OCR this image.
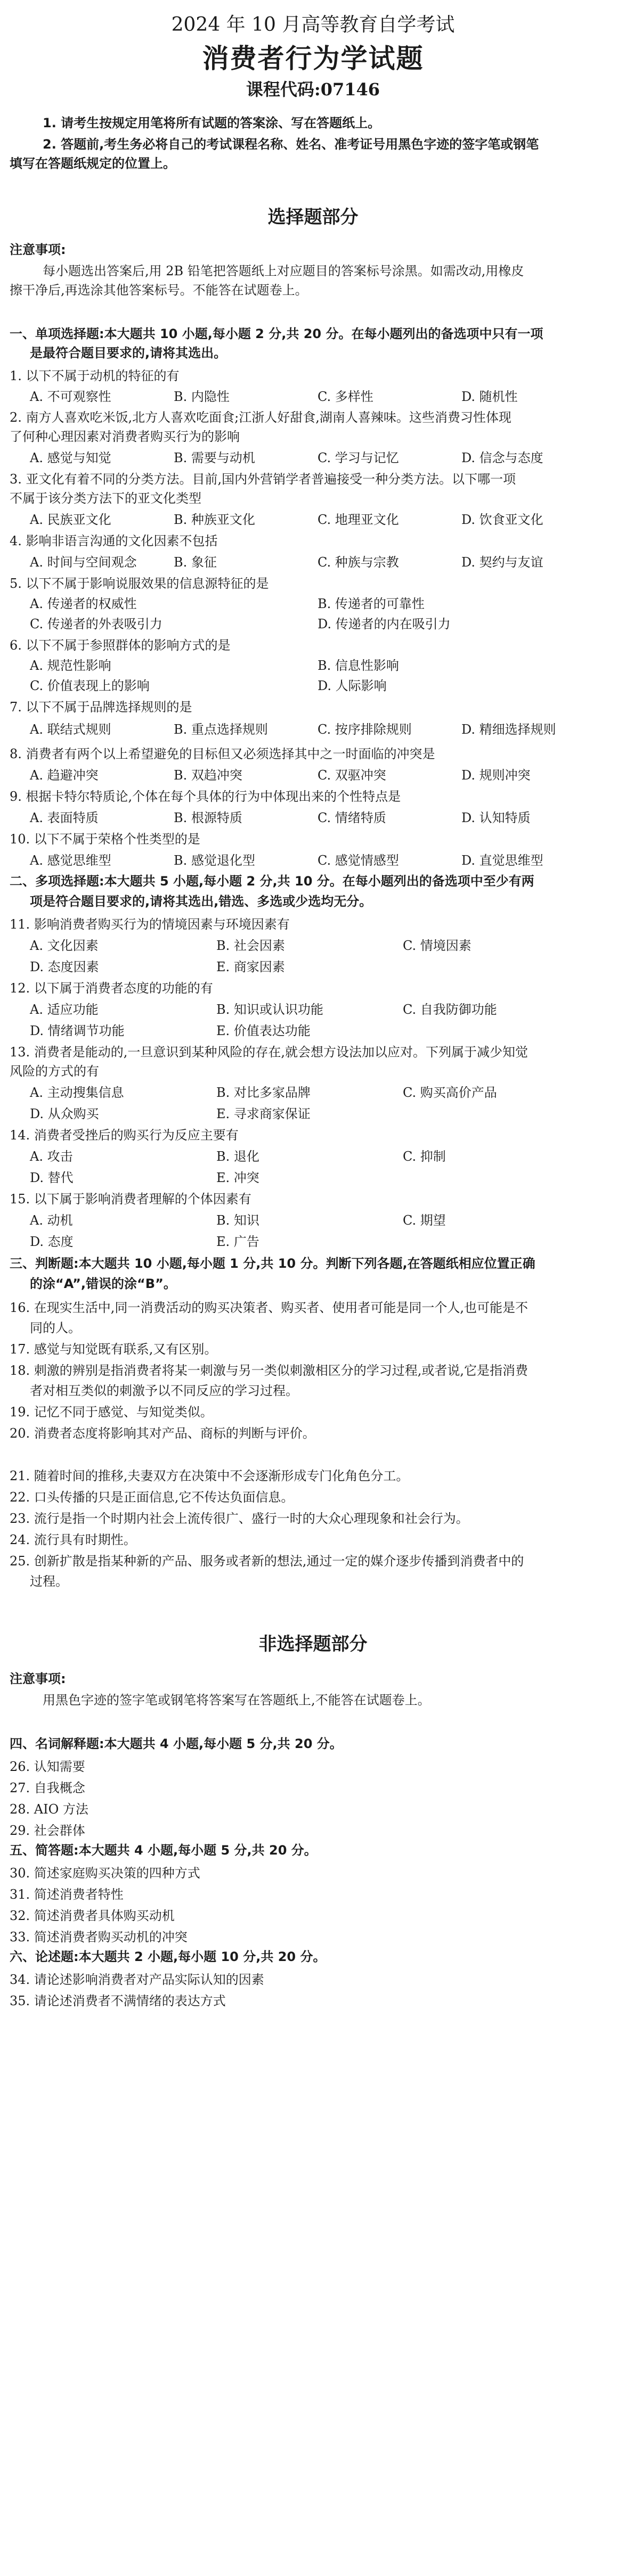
2024 年 10 月高等教育自学考试
消费者行为学试题
课程代码:07146
1. 请考生按规定用笔将所有试题的答案涂、写在答题纸上。
2. 答题前,考生务必将自己的考试课程名称、姓名、准考证号用黑色字迹的签字笔或钢笔
填写在答题纸规定的位置上。
选择题部分
注意事项:
每小题选出答案后,用 2B 铅笔把答题纸上对应题目的答案标号涂黑。如需改动,用橡皮
擦干净后,再选涂其他答案标号。不能答在试题卷上。
一、单项选择题:本大题共 10 小题,每小题 2 分,共 20 分。在每小题列出的备选项中只有一项
是最符合题目要求的,请将其选出。
1. 以下不属于动机的特征的有
A. 不可观察性	B. 内隐性	C. 多样性	D. 随机性
2. 南方人喜欢吃米饭,北方人喜欢吃面食;江浙人好甜食,湖南人喜辣味。这些消费习性体现
了何种心理因素对消费者购买行为的影响
A. 感觉与知觉	B. 需要与动机	C. 学习与记忆	D. 信念与态度
3. 亚文化有着不同的分类方法。目前,国内外营销学者普遍接受一种分类方法。以下哪一项
不属于该分类方法下的亚文化类型
A. 民族亚文化	B. 种族亚文化	C. 地理亚文化	D. 饮食亚文化
4. 影响非语言沟通的文化因素不包括
A. 时间与空间观念	B. 象征	C. 种族与宗教	D. 契约与友谊
5. 以下不属于影响说服效果的信息源特征的是
A. 传递者的权威性	B. 传递者的可靠性
C. 传递者的外表吸引力	D. 传递者的内在吸引力
6. 以下不属于参照群体的影响方式的是
A. 规范性影响	B. 信息性影响
C. 价值表现上的影响	D. 人际影响
7. 以下不属于品牌选择规则的是
A. 联结式规则	B. 重点选择规则	C. 按序排除规则	D. 精细选择规则
8. 消费者有两个以上希望避免的目标但又必须选择其中之一时面临的冲突是
A. 趋避冲突	B. 双趋冲突	C. 双驱冲突	D. 规则冲突
9. 根据卡特尔特质论,个体在每个具体的行为中体现出来的个性特点是
A. 表面特质	B. 根源特质	C. 情绪特质	D. 认知特质
10. 以下不属于荣格个性类型的是
A. 感觉思维型	B. 感觉退化型	C. 感觉情感型	D. 直觉思维型
二、多项选择题:本大题共 5 小题,每小题 2 分,共 10 分。在每小题列出的备选项中至少有两
项是符合题目要求的,请将其选出,错选、多选或少选均无分。
11. 影响消费者购买行为的情境因素与环境因素有
A. 文化因素	B. 社会因素	C. 情境因素
D. 态度因素	E. 商家因素
12. 以下属于消费者态度的功能的有
A. 适应功能	B. 知识或认识功能	C. 自我防御功能
D. 情绪调节功能	E. 价值表达功能
13. 消费者是能动的,一旦意识到某种风险的存在,就会想方设法加以应对。下列属于减少知觉
风险的方式的有
A. 主动搜集信息	B. 对比多家品牌	C. 购买高价产品
D. 从众购买	E. 寻求商家保证
14. 消费者受挫后的购买行为反应主要有
A. 攻击	B. 退化	C. 抑制
D. 替代	E. 冲突
15. 以下属于影响消费者理解的个体因素有
A. 动机	B. 知识	C. 期望
D. 态度	E. 广告
三、判断题:本大题共 10 小题,每小题 1 分,共 10 分。判断下列各题,在答题纸相应位置正确
的涂“A”,错误的涂“B”。
16. 在现实生活中,同一消费活动的购买决策者、购买者、使用者可能是同一个人,也可能是不
同的人。
17. 感觉与知觉既有联系,又有区别。
18. 刺激的辨别是指消费者将某一刺激与另一类似刺激相区分的学习过程,或者说,它是指消费
者对相互类似的刺激予以不同反应的学习过程。
19. 记忆不同于感觉、与知觉类似。
20. 消费者态度将影响其对产品、商标的判断与评价。
21. 随着时间的推移,夫妻双方在决策中不会逐渐形成专门化角色分工。
22. 口头传播的只是正面信息,它不传达负面信息。
23. 流行是指一个时期内社会上流传很广、盛行一时的大众心理现象和社会行为。
24. 流行具有时期性。
25. 创新扩散是指某种新的产品、服务或者新的想法,通过一定的媒介逐步传播到消费者中的
过程。
非选择题部分
注意事项:
用黑色字迹的签字笔或钢笔将答案写在答题纸上,不能答在试题卷上。
四、名词解释题:本大题共 4 小题,每小题 5 分,共 20 分。
26. 认知需要
27. 自我概念
28. AIO 方法
29. 社会群体
五、简答题:本大题共 4 小题,每小题 5 分,共 20 分。
30. 简述家庭购买决策的四种方式
31. 简述消费者特性
32. 简述消费者具体购买动机
33. 简述消费者购买动机的冲突
六、论述题:本大题共 2 小题,每小题 10 分,共 20 分。
34. 请论述影响消费者对产品实际认知的因素
35. 请论述消费者不满情绪的表达方式
